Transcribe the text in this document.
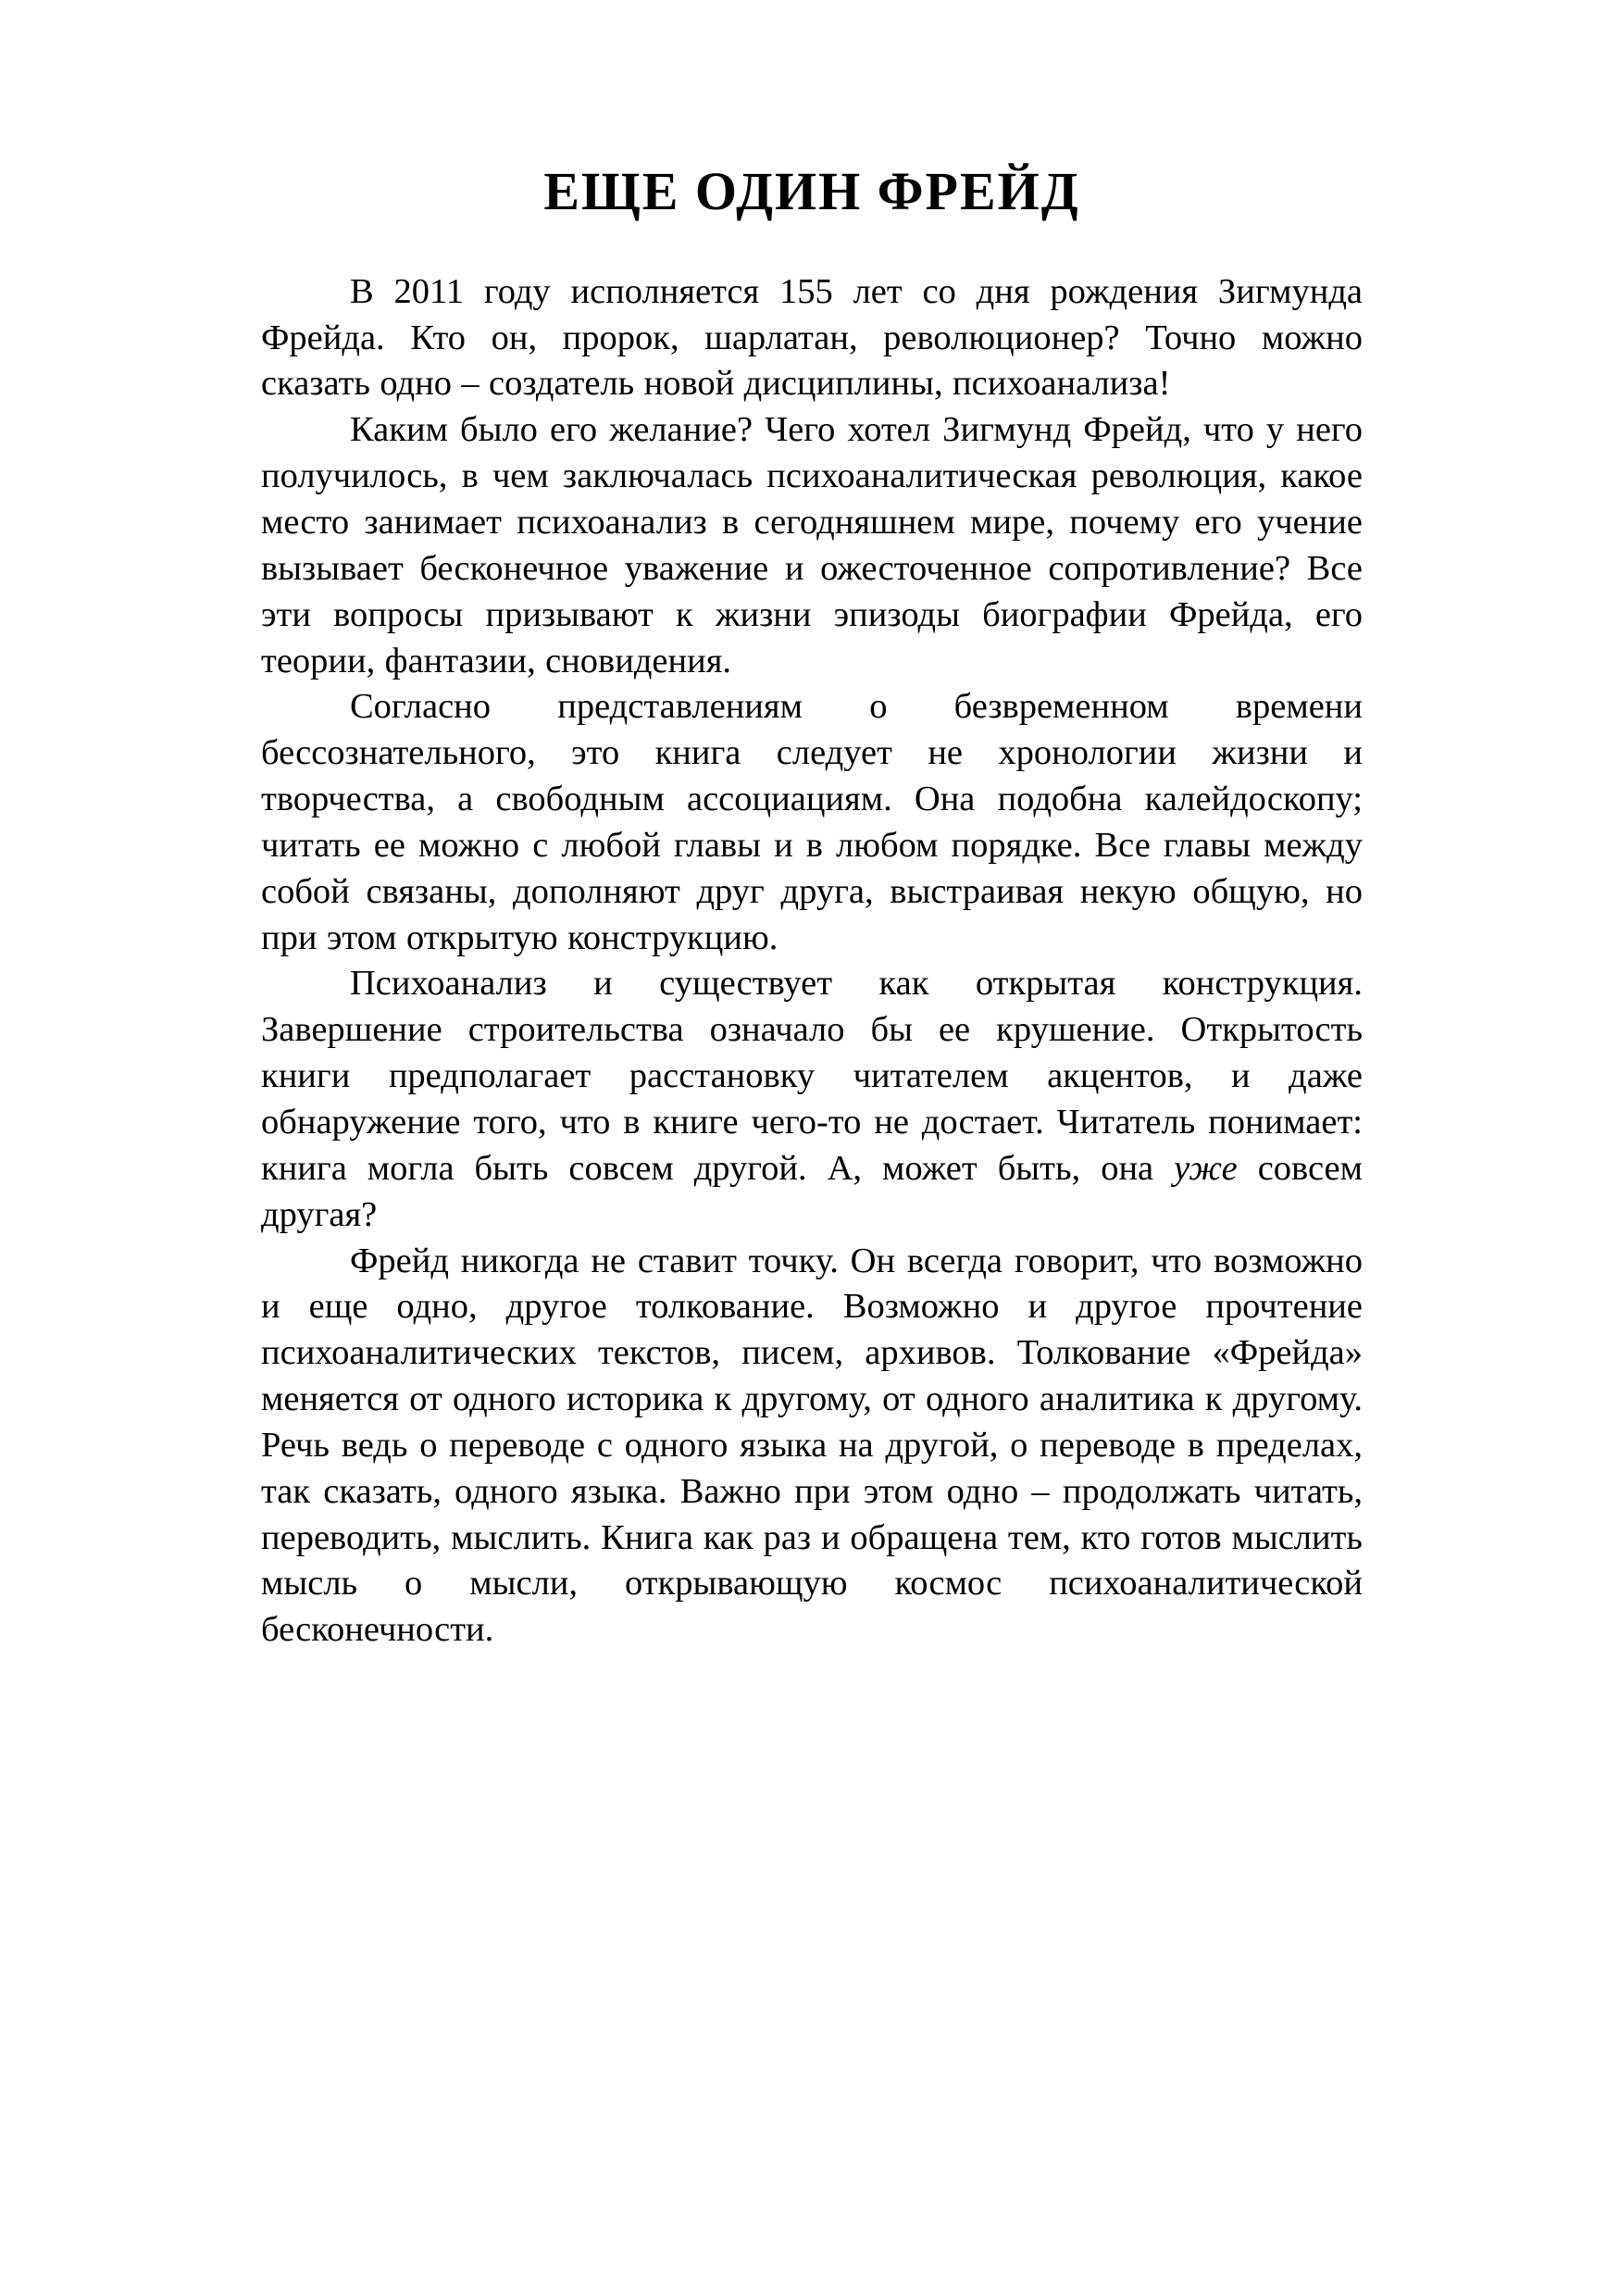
ЕЩЕ ОДИН ФРЕЙД

В 2011 году исполняется 155 лет со дня рождения Зигмунда Фрейда. Кто он, пророк, шарлатан, революционер? Точно можно сказать одно – создатель новой дисциплины, психоанализа!

Каким было его желание? Чего хотел Зигмунд Фрейд, что у него получилось, в чем заключалась психоаналитическая революция, какое место занимает психоанализ в сегодняшнем мире, почему его учение вызывает бесконечное уважение и ожесточенное сопротивление? Все эти вопросы призывают к жизни эпизоды биографии Фрейда, его теории, фантазии, сновидения.

Согласно представлениям о безвременном времени бессознательного, это книга следует не хронологии жизни и творчества, а свободным ассоциациям. Она подобна калейдоскопу; читать ее можно с любой главы и в любом порядке. Все главы между собой связаны, дополняют друг друга, выстраивая некую общую, но при этом открытую конструкцию.

Психоанализ и существует как открытая конструкция. Завершение строительства означало бы ее крушение. Открытость книги предполагает расстановку читателем акцентов, и даже обнаружение того, что в книге чего-то не достает. Читатель понимает: книга могла быть совсем другой. А, может быть, она уже совсем другая?

Фрейд никогда не ставит точку. Он всегда говорит, что возможно и еще одно, другое толкование. Возможно и другое прочтение психоаналитических текстов, писем, архивов. Толкование «Фрейда» меняется от одного историка к другому, от одного аналитика к другому. Речь ведь о переводе с одного языка на другой, о переводе в пределах, так сказать, одного языка. Важно при этом одно – продолжать читать, переводить, мыслить. Книга как раз и обращена тем, кто готов мыслить мысль о мысли, открывающую космос психоаналитической бесконечности.
